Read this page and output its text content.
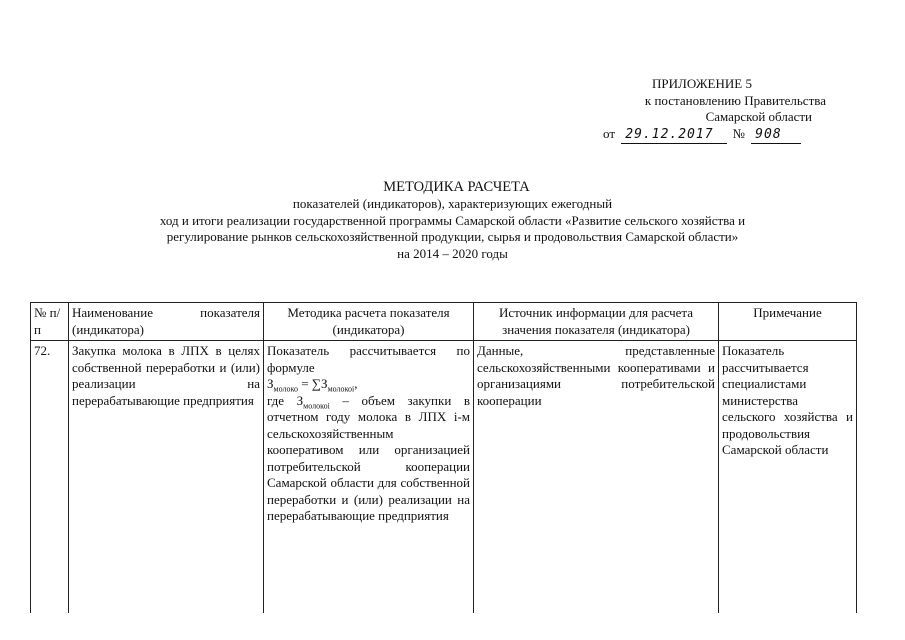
ПРИЛОЖЕНИЕ 5
к постановлению Правительства
Самарской области
от 29.12.2017 № 908
МЕТОДИКА РАСЧЕТА
показателей (индикаторов), характеризующих ежегодный
ход и итоги реализации государственной программы Самарской области «Развитие сельского хозяйства и
регулирование рынков сельскохозяйственной продукции, сырья и продовольствия Самарской области»
на 2014 – 2020 годы
№ п/п	Наименование показателя (индикатора)	Методика расчета показателя (индикатора)	Источник информации для расчета значения показателя (индикатора)	Примечание
72.	Закупка молока в ЛПХ в целях собственной переработки и (или) реализации на перерабатывающие предприятия	Показатель рассчитывается по формуле
$З_{молоко} = \sum З_{молокоi}$,
где $З_{молокоi}$ – объем закупки в отчетном году молока в ЛПХ i-м сельскохозяйственным кооперативом или организацией потребительской кооперации Самарской области для собственной переработки и (или) реализации на перерабатывающие предприятия	Данные, представленные сельскохозяйственными кооперативами и организациями потребительской кооперации	Показатель рассчитывается специалистами министерства сельского хозяйства и продовольствия Самарской области
